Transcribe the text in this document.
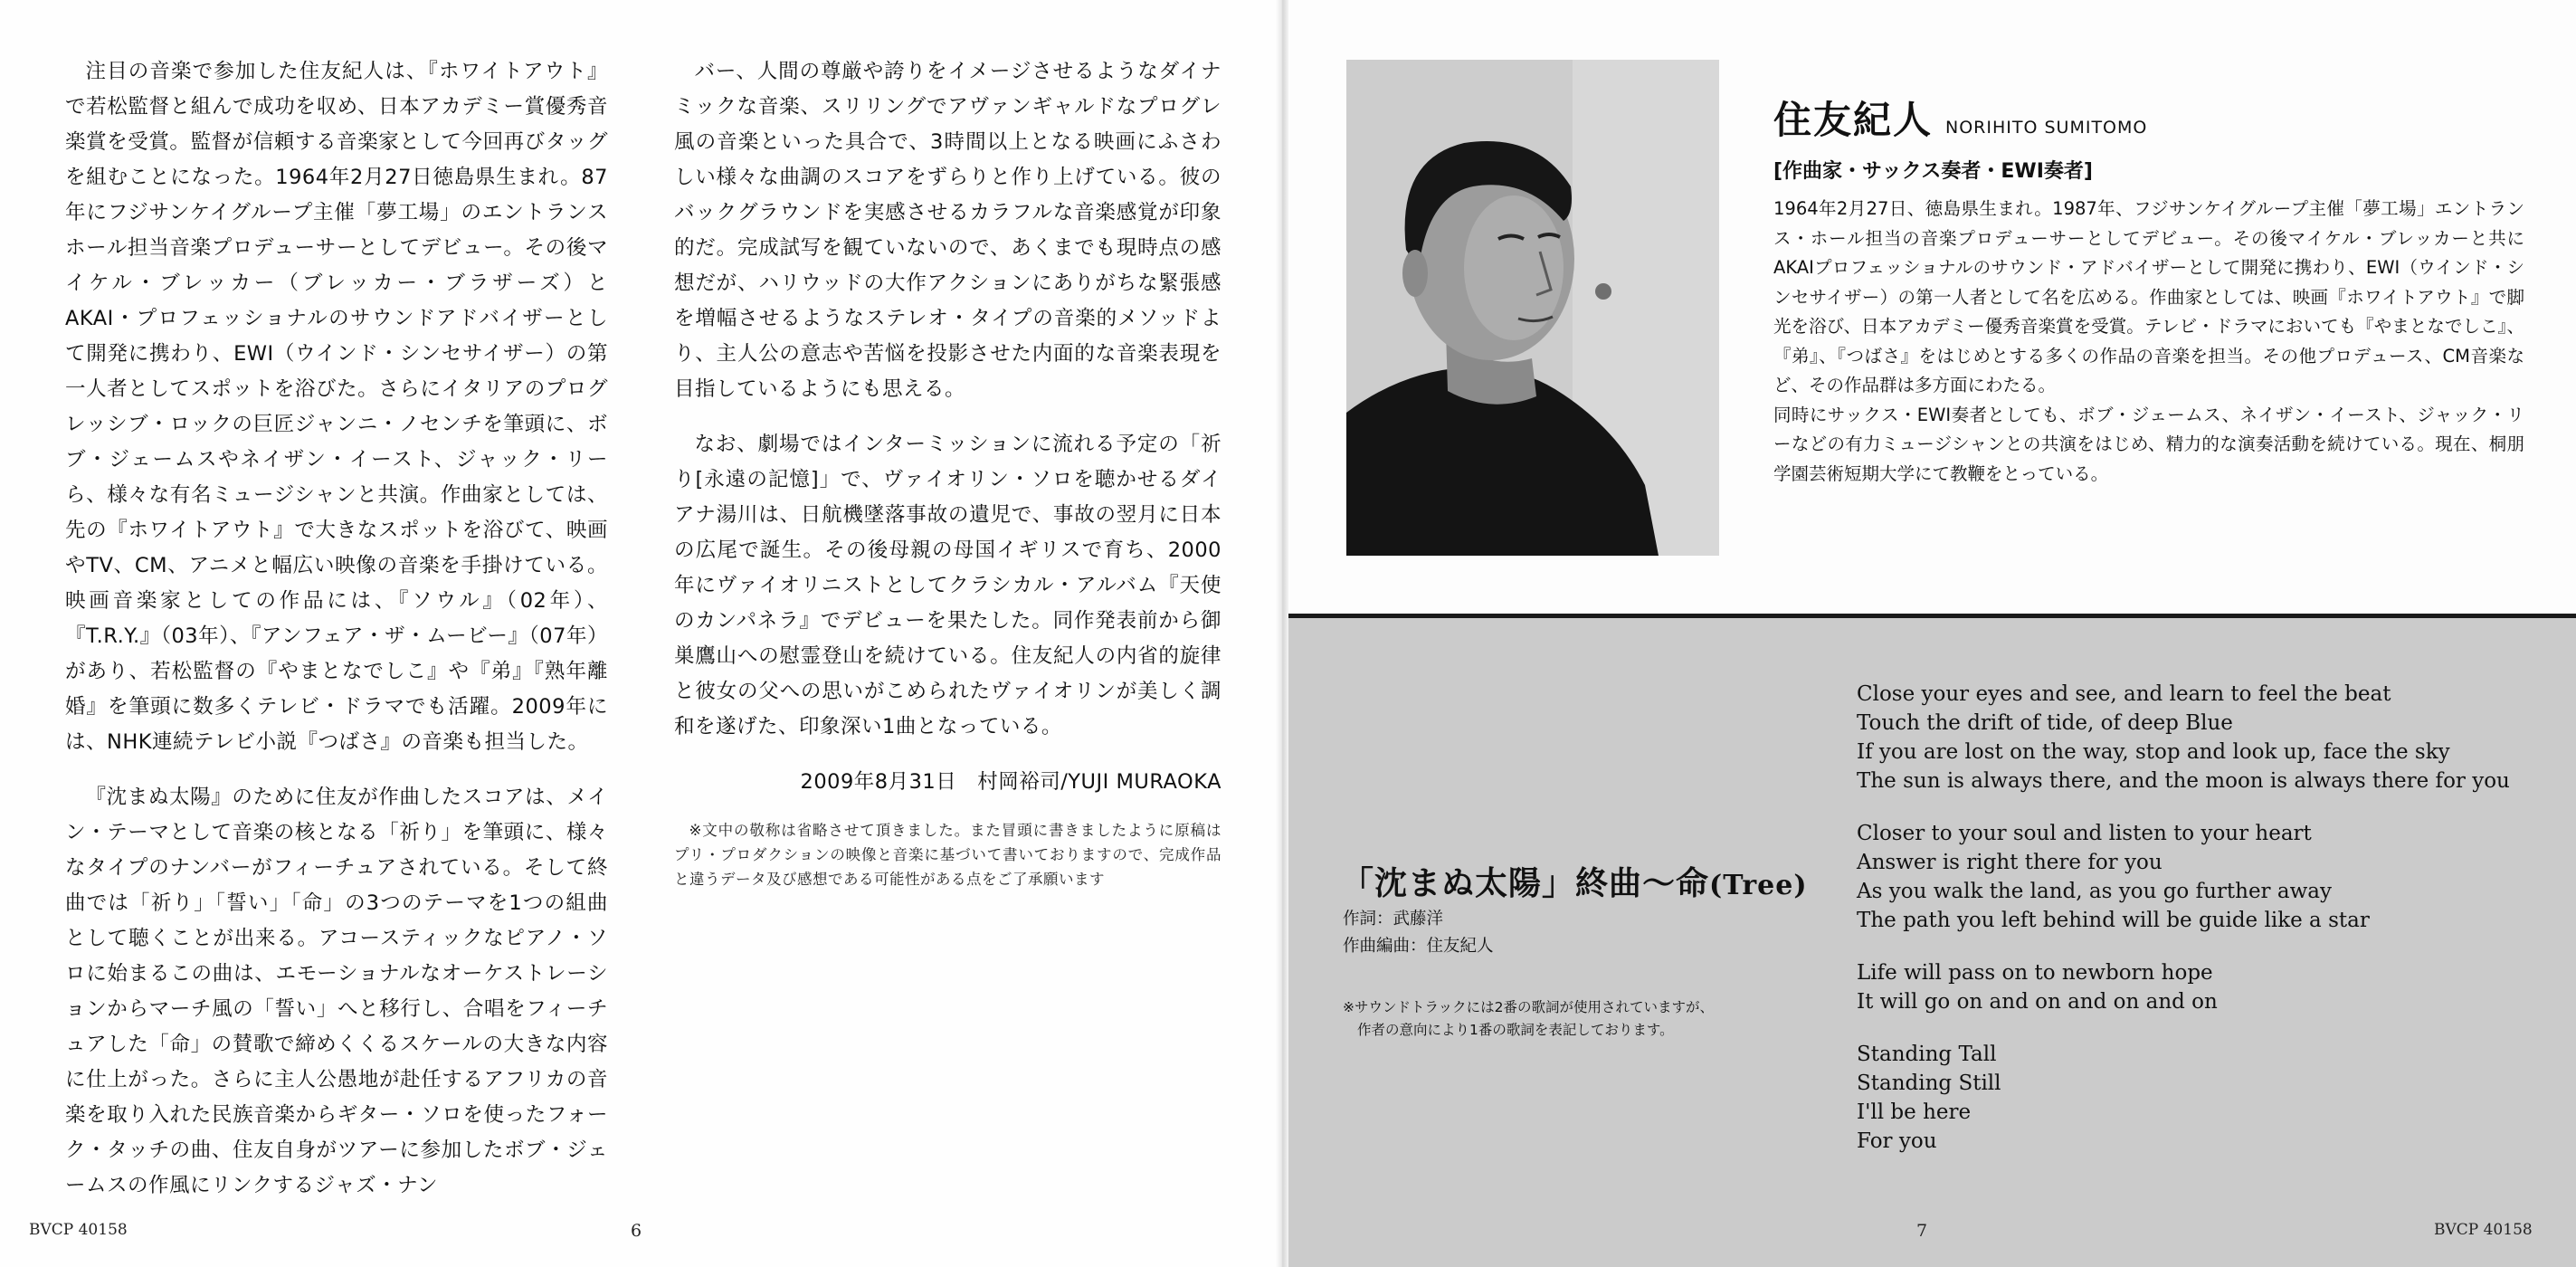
注目の音楽で参加した住友紀人は、『ホワイトアウト』で若松監督と組んで成功を収め、日本アカデミー賞優秀音楽賞を受賞。監督が信頼する音楽家として今回再びタッグを組むことになった。1964年2月27日徳島県生まれ。87年にフジサンケイグループ主催「夢工場」のエントランスホール担当音楽プロデューサーとしてデビュー。その後マイケル・ブレッカー（ブレッカー・ブラザーズ）とAKAI・プロフェッショナルのサウンドアドバイザーとして開発に携わり、EWI（ウインド・シンセサイザー）の第一人者としてスポットを浴びた。さらにイタリアのプログレッシブ・ロックの巨匠ジャンニ・ノセンチを筆頭に、ボブ・ジェームスやネイザン・イースト、ジャック・リー ら、様々な有名ミュージシャンと共演。作曲家としては、先の『ホワイトアウト』で大きなスポットを浴びて、映画やTV、CM、アニメと幅広い映像の音楽を手掛けている。映画音楽家としての作品には、『ソウル』（02年）、『T.R.Y.』（03年）、『アンフェア・ザ・ムービー』（07年）があり、若松監督の『やまとなでしこ』や『弟』『熟年離婚』を筆頭に数多くテレビ・ドラマでも活躍。2009年には、NHK連続テレビ小説『つばさ』の音楽も担当した。

『沈まぬ太陽』のために住友が作曲したスコアは、メイン・テーマとして音楽の核となる「祈り」を筆頭に、様々なタイプのナンバーがフィーチュアされている。そして終曲では「祈り」「誓い」「命」の3つのテーマを1つの組曲として聴くことが出来る。アコースティックなピアノ・ソロに始まるこの曲は、エモーショナルなオーケストレーションからマーチ風の「誓い」へと移行し、合唱をフィーチュアした「命」の賛歌で締めくくるスケールの大きな内容に仕上がった。さらに主人公愚地が赴任するアフリカの音楽を取り入れた民族音楽からギター・ソロを使ったフォーク・タッチの曲、住友自身がツアーに参加したボブ・ジェームスの作風にリンクするジャズ・ナン

バー、人間の尊厳や誇りをイメージさせるようなダイナミックな音楽、スリリングでアヴァンギャルドなプログレ風の音楽といった具合で、3時間以上となる映画にふさわしい様々な曲調のスコアをずらりと作り上げている。彼のバックグラウンドを実感させるカラフルな音楽感覚が印象的だ。完成試写を観ていないので、あくまでも現時点の感想だが、ハリウッドの大作アクションにありがちな緊張感を増幅させるようなステレオ・タイプの音楽的メソッドより、主人公の意志や苦悩を投影させた内面的な音楽表現を目指しているようにも思える。

なお、劇場ではインターミッションに流れる予定の「祈り[永遠の記憶]」で、ヴァイオリン・ソロを聴かせるダイアナ湯川は、日航機墜落事故の遺児で、事故の翌月に日本の広尾で誕生。その後母親の母国イギリスで育ち、2000年にヴァイオリニストとしてクラシカル・アルバム『天使のカンパネラ』でデビューを果たした。同作発表前から御巣鷹山への慰霊登山を続けている。住友紀人の内省的旋律と彼女の父への思いがこめられたヴァイオリンが美しく調和を遂げた、印象深い1曲となっている。

2009年8月31日　村岡裕司/YUJI MURAOKA

※文中の敬称は省略させて頂きました。また冒頭に書きましたように原稿はプリ・プロダクションの映像と音楽に基づいて書いておりますので、完成作品と違うデータ及び感想である可能性がある点をご了承願います

BVCP 40158	6
住友紀人 NORIHITO SUMITOMO
[作曲家・サックス奏者・EWI奏者]

1964年2月27日、徳島県生まれ。1987年、フジサンケイグループ主催「夢工場」エントランス・ホール担当の音楽プロデューサーとしてデビュー。その後マイケル・ブレッカーと共にAKAIプロフェッショナルのサウンド・アドバイザーとして開発に携わり、EWI（ウインド・シンセサイザー）の第一人者として名を広める。作曲家としては、映画『ホワイトアウト』で脚光を浴び、日本アカデミー優秀音楽賞を受賞。テレビ・ドラマにおいても『やまとなでしこ』、『弟』、『つばさ』をはじめとする多くの作品の音楽を担当。その他プロデュース、CM音楽など、その作品群は多方面にわたる。

同時にサックス・EWI奏者としても、ボブ・ジェームス、ネイザン・イースト、ジャック・リーなどの有力ミュージシャンとの共演をはじめ、精力的な演奏活動を続けている。現在、桐朋学園芸術短期大学にて教鞭をとっている。

「沈まぬ太陽」終曲～命(Tree)
作詞：武藤洋
作曲編曲：住友紀人
※サウンドトラックには2番の歌詞が使用されていますが、
作者の意向により1番の歌詞を表記しております。
Close your eyes and see, and learn to feel the beat
Touch the drift of tide, of deep Blue
If you are lost on the way, stop and look up, face the sky
The sun is always there, and the moon is always there for you
Closer to your soul and listen to your heart
Answer is right there for you
As you walk the land, as you go further away
The path you left behind will be guide like a star
Life will pass on to newborn hope
It will go on and on and on and on
Standing Tall
Standing Still
I'll be here
For you
7	BVCP 40158
